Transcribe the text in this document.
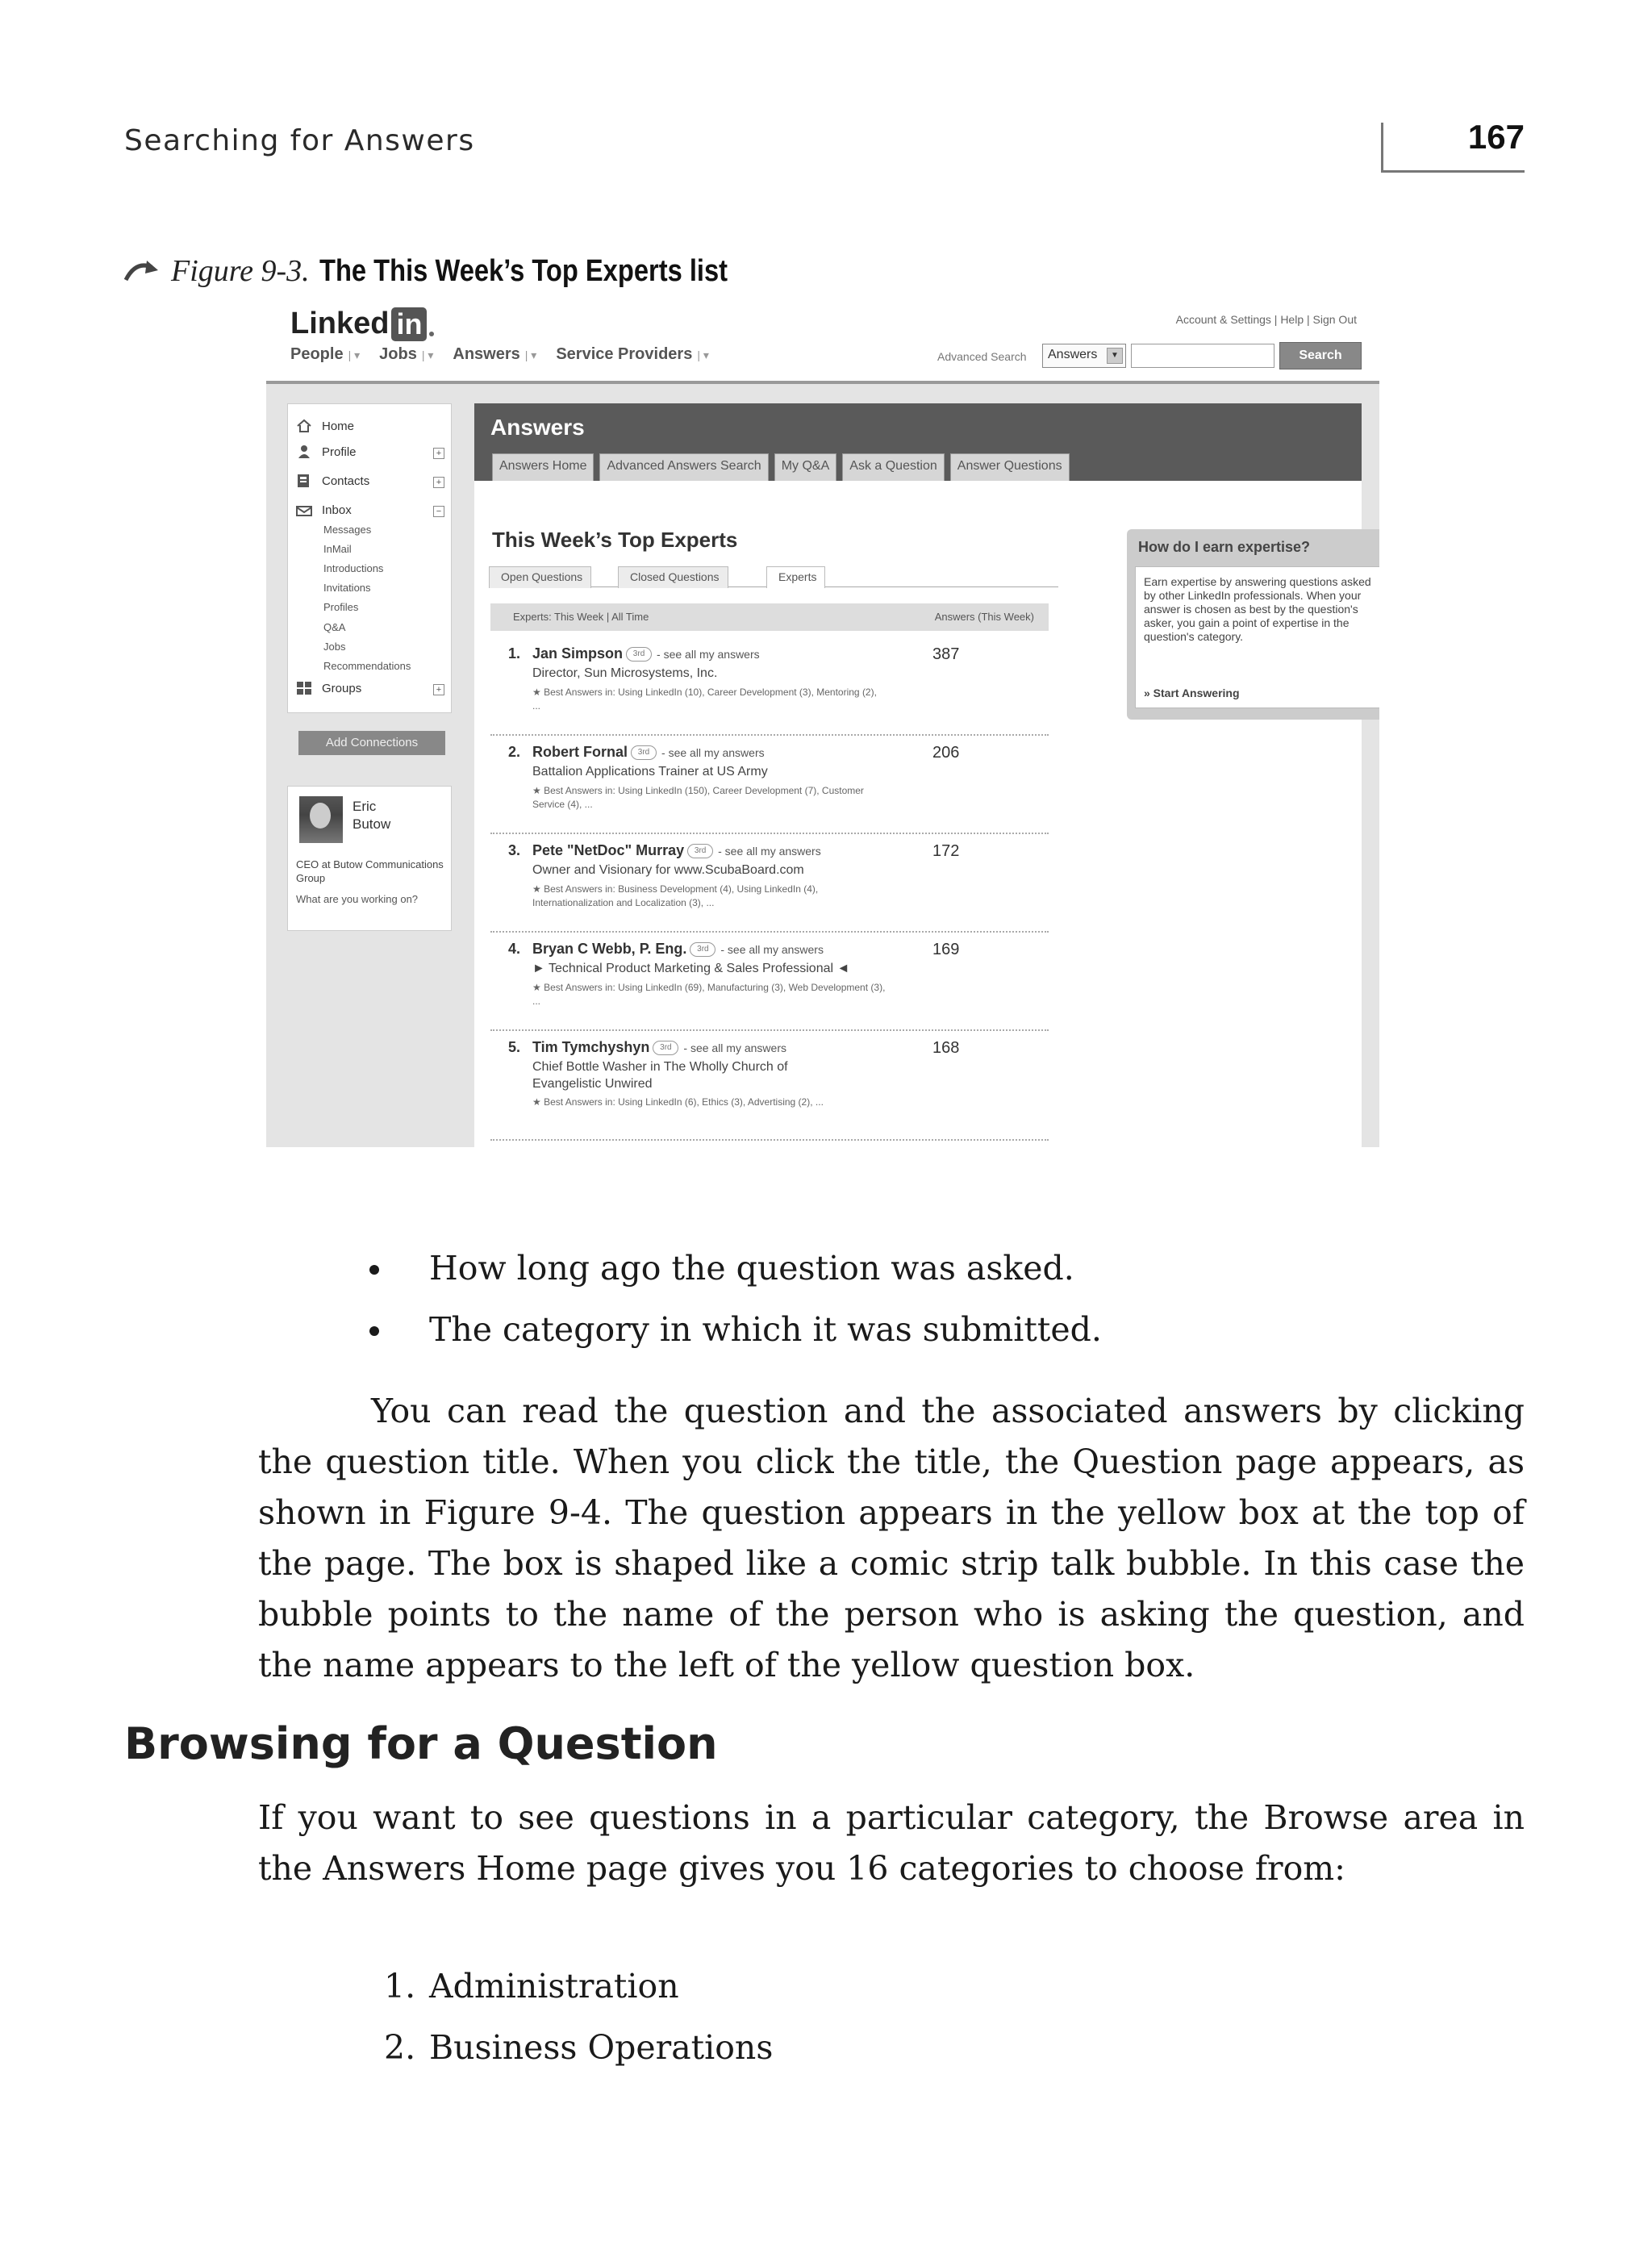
Searching for Answers	167
Figure 9-3. The This Week’s Top Experts list
Linked in	Account & Settings | Help | Sign Out
People | ▾ Jobs | ▾ Answers | ▾ Service Providers | ▾	Advanced Search	Answers	▼	Search
Home
Profile	+
Contacts	+
Inbox	−
Messages
InMail
Introductions
Invitations
Profiles
Q&A
Jobs
Recommendations
Groups	+
Add Connections
Eric
Butow
CEO at Butow Communications Group
What are you working on?
Answers
Answers Home	Advanced Answers Search	My Q&A	Ask a Question	Answer Questions
This Week’s Top Experts
Open Questions	Closed Questions	Experts
Experts: This Week | All Time	Answers (This Week)
1. Jan Simpson	3rd	- see all my answers
Director, Sun Microsystems, Inc.
★ Best Answers in: Using LinkedIn (10), Career Development (3), Mentoring (2), ...
387
2. Robert Fornal	3rd	- see all my answers
Battalion Applications Trainer at US Army
★ Best Answers in: Using LinkedIn (150), Career Development (7), Customer Service (4), ...
206
3. Pete "NetDoc" Murray	3rd	- see all my answers
Owner and Visionary for www.ScubaBoard.com
★ Best Answers in: Business Development (4), Using LinkedIn (4), Internationalization and Localization (3), ...
172
4. Bryan C Webb, P. Eng.	3rd	- see all my answers
► Technical Product Marketing & Sales Professional ◄
★ Best Answers in: Using LinkedIn (69), Manufacturing (3), Web Development (3), ...
169
5. Tim Tymchyshyn	3rd	- see all my answers
Chief Bottle Washer in The Wholly Church of
Evangelistic Unwired
★ Best Answers in: Using LinkedIn (6), Ethics (3), Advertising (2), ...
168
How do I earn expertise?
Earn expertise by answering questions asked by other LinkedIn professionals. When your answer is chosen as best by the question's asker, you gain a point of expertise in the question's category.
» Start Answering
How long ago the question was asked.
The category in which it was submitted.

You can read the question and the associated answers by clicking the question title. When you click the title, the Question page appears, as shown in Figure 9-4. The question appears in the yellow box at the top of the page. The box is shaped like a comic strip talk bubble. In this case the bubble points to the name of the person who is asking the question, and the name appears to the left of the yellow question box.

Browsing for a Question

If you want to see questions in a particular category, the Browse area in the Answers Home page gives you 16 categories to choose from:

1. Administration
2. Business Operations
